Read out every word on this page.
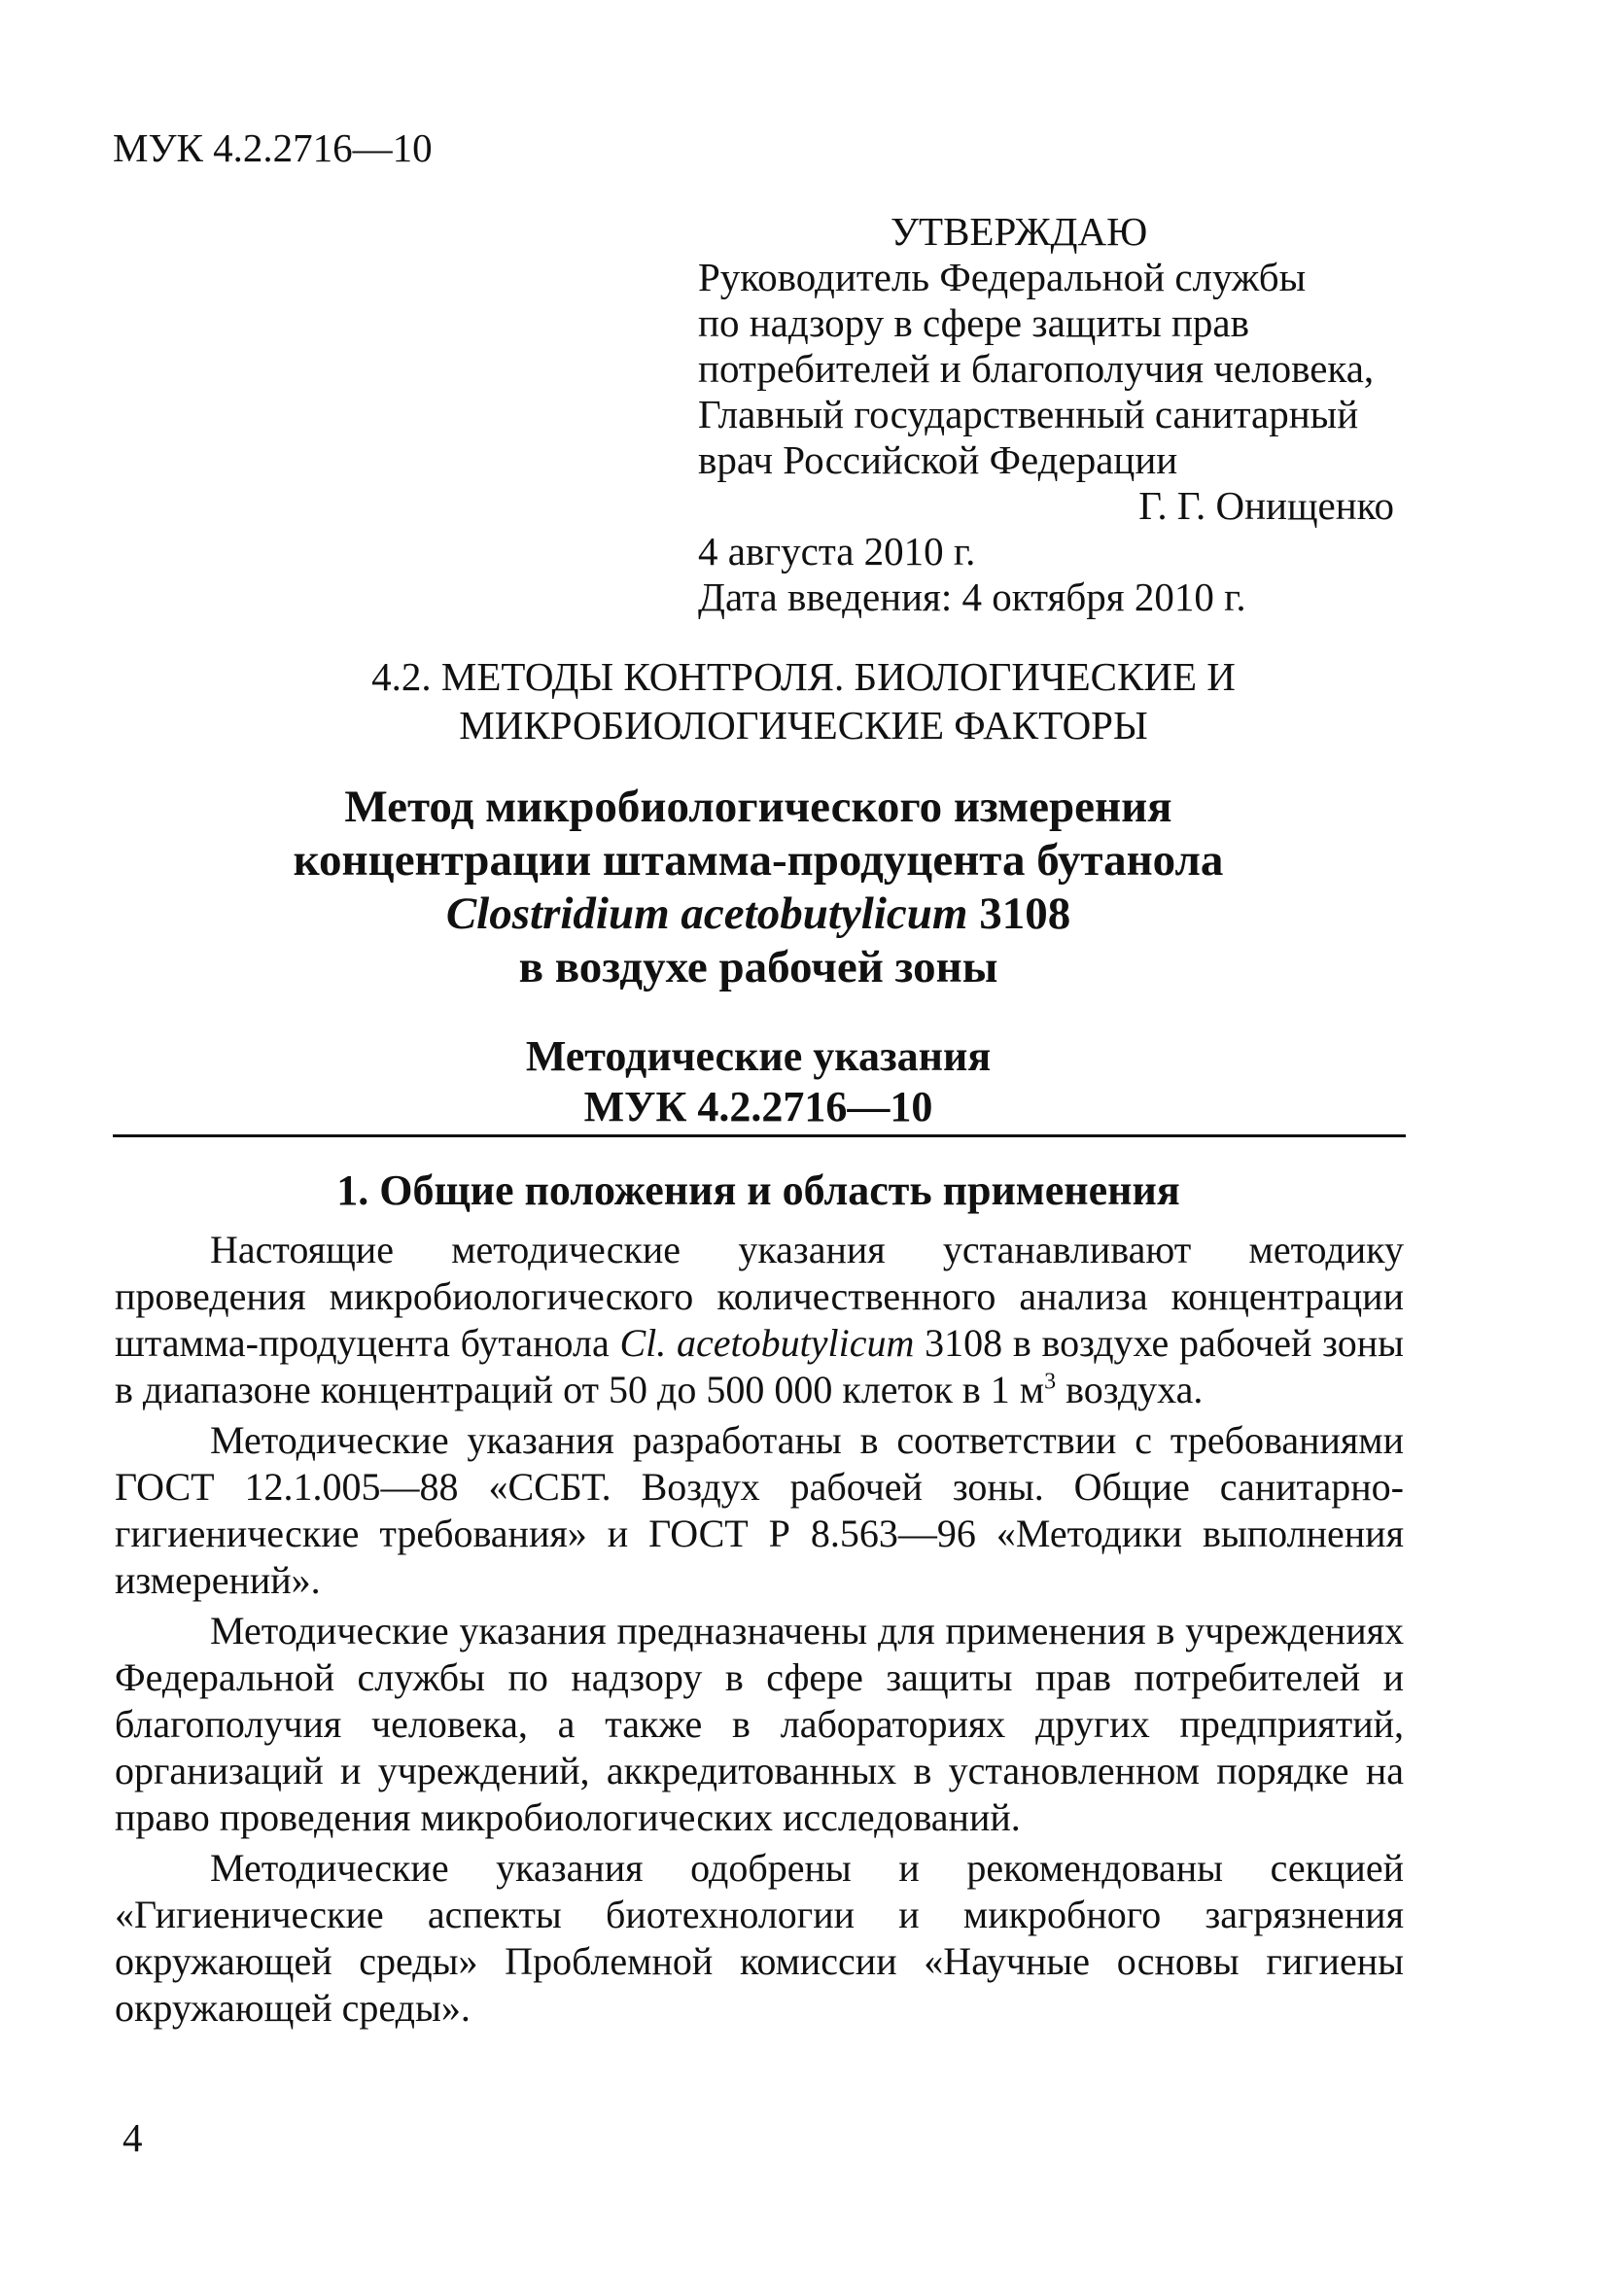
МУК 4.2.2716—10
УТВЕРЖДАЮ
Руководитель Федеральной службы
по надзору в сфере защиты прав
потребителей и благополучия человека,
Главный государственный санитарный
врач Российской Федерации
Г. Г. Онищенко
4 августа 2010 г.
Дата введения: 4 октября 2010 г.
4.2. МЕТОДЫ КОНТРОЛЯ. БИОЛОГИЧЕСКИЕ И
МИКРОБИОЛОГИЧЕСКИЕ ФАКТОРЫ
Метод микробиологического измерения
концентрации штамма-продуцента бутанола
Clostridium acetobutylicum 3108
в воздухе рабочей зоны
Методические указания
МУК 4.2.2716—10
1. Общие положения и область применения

Настоящие методические указания устанавливают методику проведения микробиологического количественного анализа концентрации штамма-продуцента бутанола Cl. acetobutylicum 3108 в воздухе рабочей зоны в диапазоне концентраций от 50 до 500 000 клеток в 1 $м^3$ воздуха.

Методические указания разработаны в соответствии с требованиями ГОСТ 12.1.005—88 «ССБТ. Воздух рабочей зоны. Общие санитарно-гигиенические требования» и ГОСТ Р 8.563—96 «Методики выполнения измерений».

Методические указания предназначены для применения в учреждениях Федеральной службы по надзору в сфере защиты прав потребителей и благополучия человека, а также в лабораториях других предприятий, организаций и учреждений, аккредитованных в установленном порядке на право проведения микробиологических исследований.

Методические указания одобрены и рекомендованы секцией «Гигиенические аспекты биотехнологии и микробного загрязнения окружающей среды» Проблемной комиссии «Научные основы гигиены окружающей среды».

4
